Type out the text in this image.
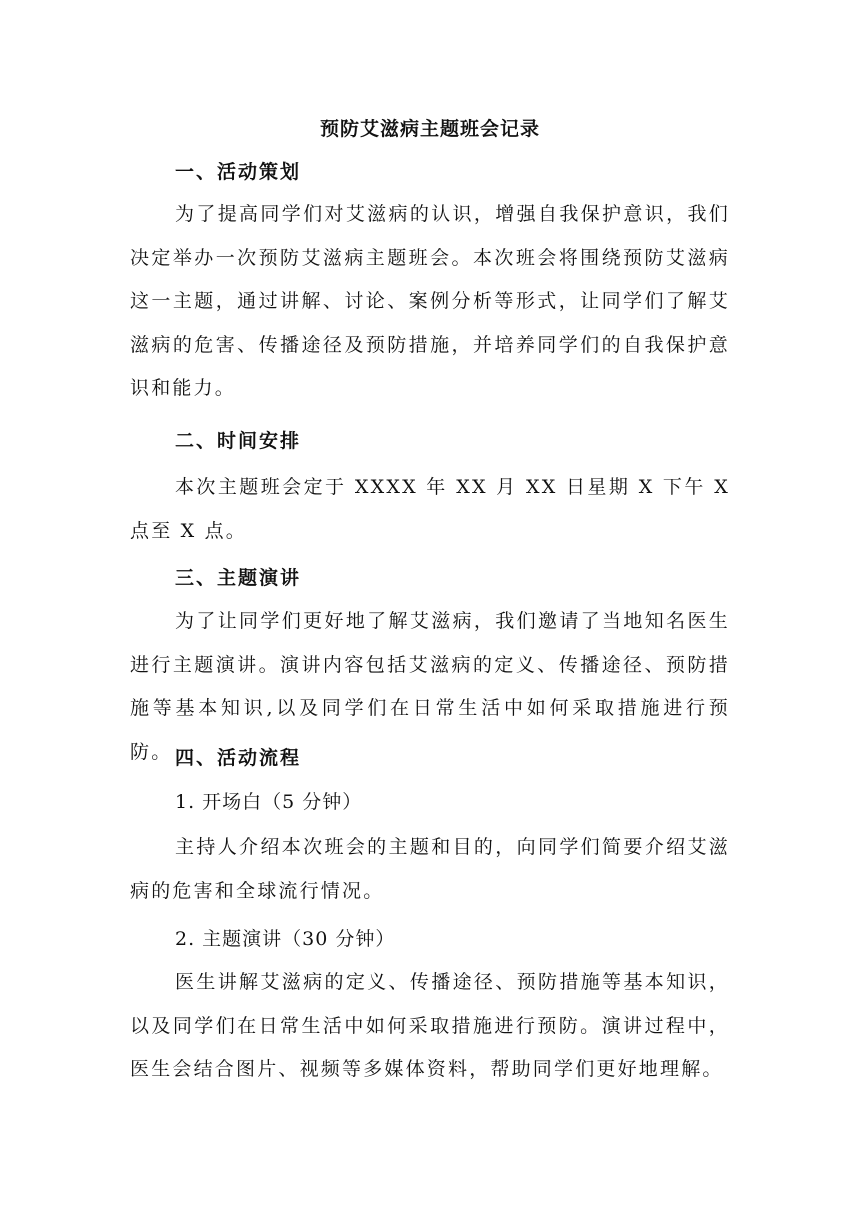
预防艾滋病主题班会记录
一、活动策划
为了提高同学们对艾滋病的认识，增强自我保护意识，我们决定举办一次预防艾滋病主题班会。本次班会将围绕预防艾滋病这一主题，通过讲解、讨论、案例分析等形式，让同学们了解艾滋病的危害、传播途径及预防措施，并培养同学们的自我保护意识和能力。
二、时间安排
本次主题班会定于 XXXX 年 XX 月 XX 日星期 X 下午 X 点至 X 点。
三、主题演讲
为了让同学们更好地了解艾滋病，我们邀请了当地知名医生进行主题演讲。演讲内容包括艾滋病的定义、传播途径、预防措施等基本知识,以及同学们在日常生活中如何采取措施进行预防。 四、活动流程
1. 开场白（5 分钟）
主持人介绍本次班会的主题和目的，向同学们简要介绍艾滋病的危害和全球流行情况。
2. 主题演讲（30 分钟）
医生讲解艾滋病的定义、传播途径、预防措施等基本知识，以及同学们在日常生活中如何采取措施进行预防。演讲过程中，医生会结合图片、视频等多媒体资料，帮助同学们更好地理解。
